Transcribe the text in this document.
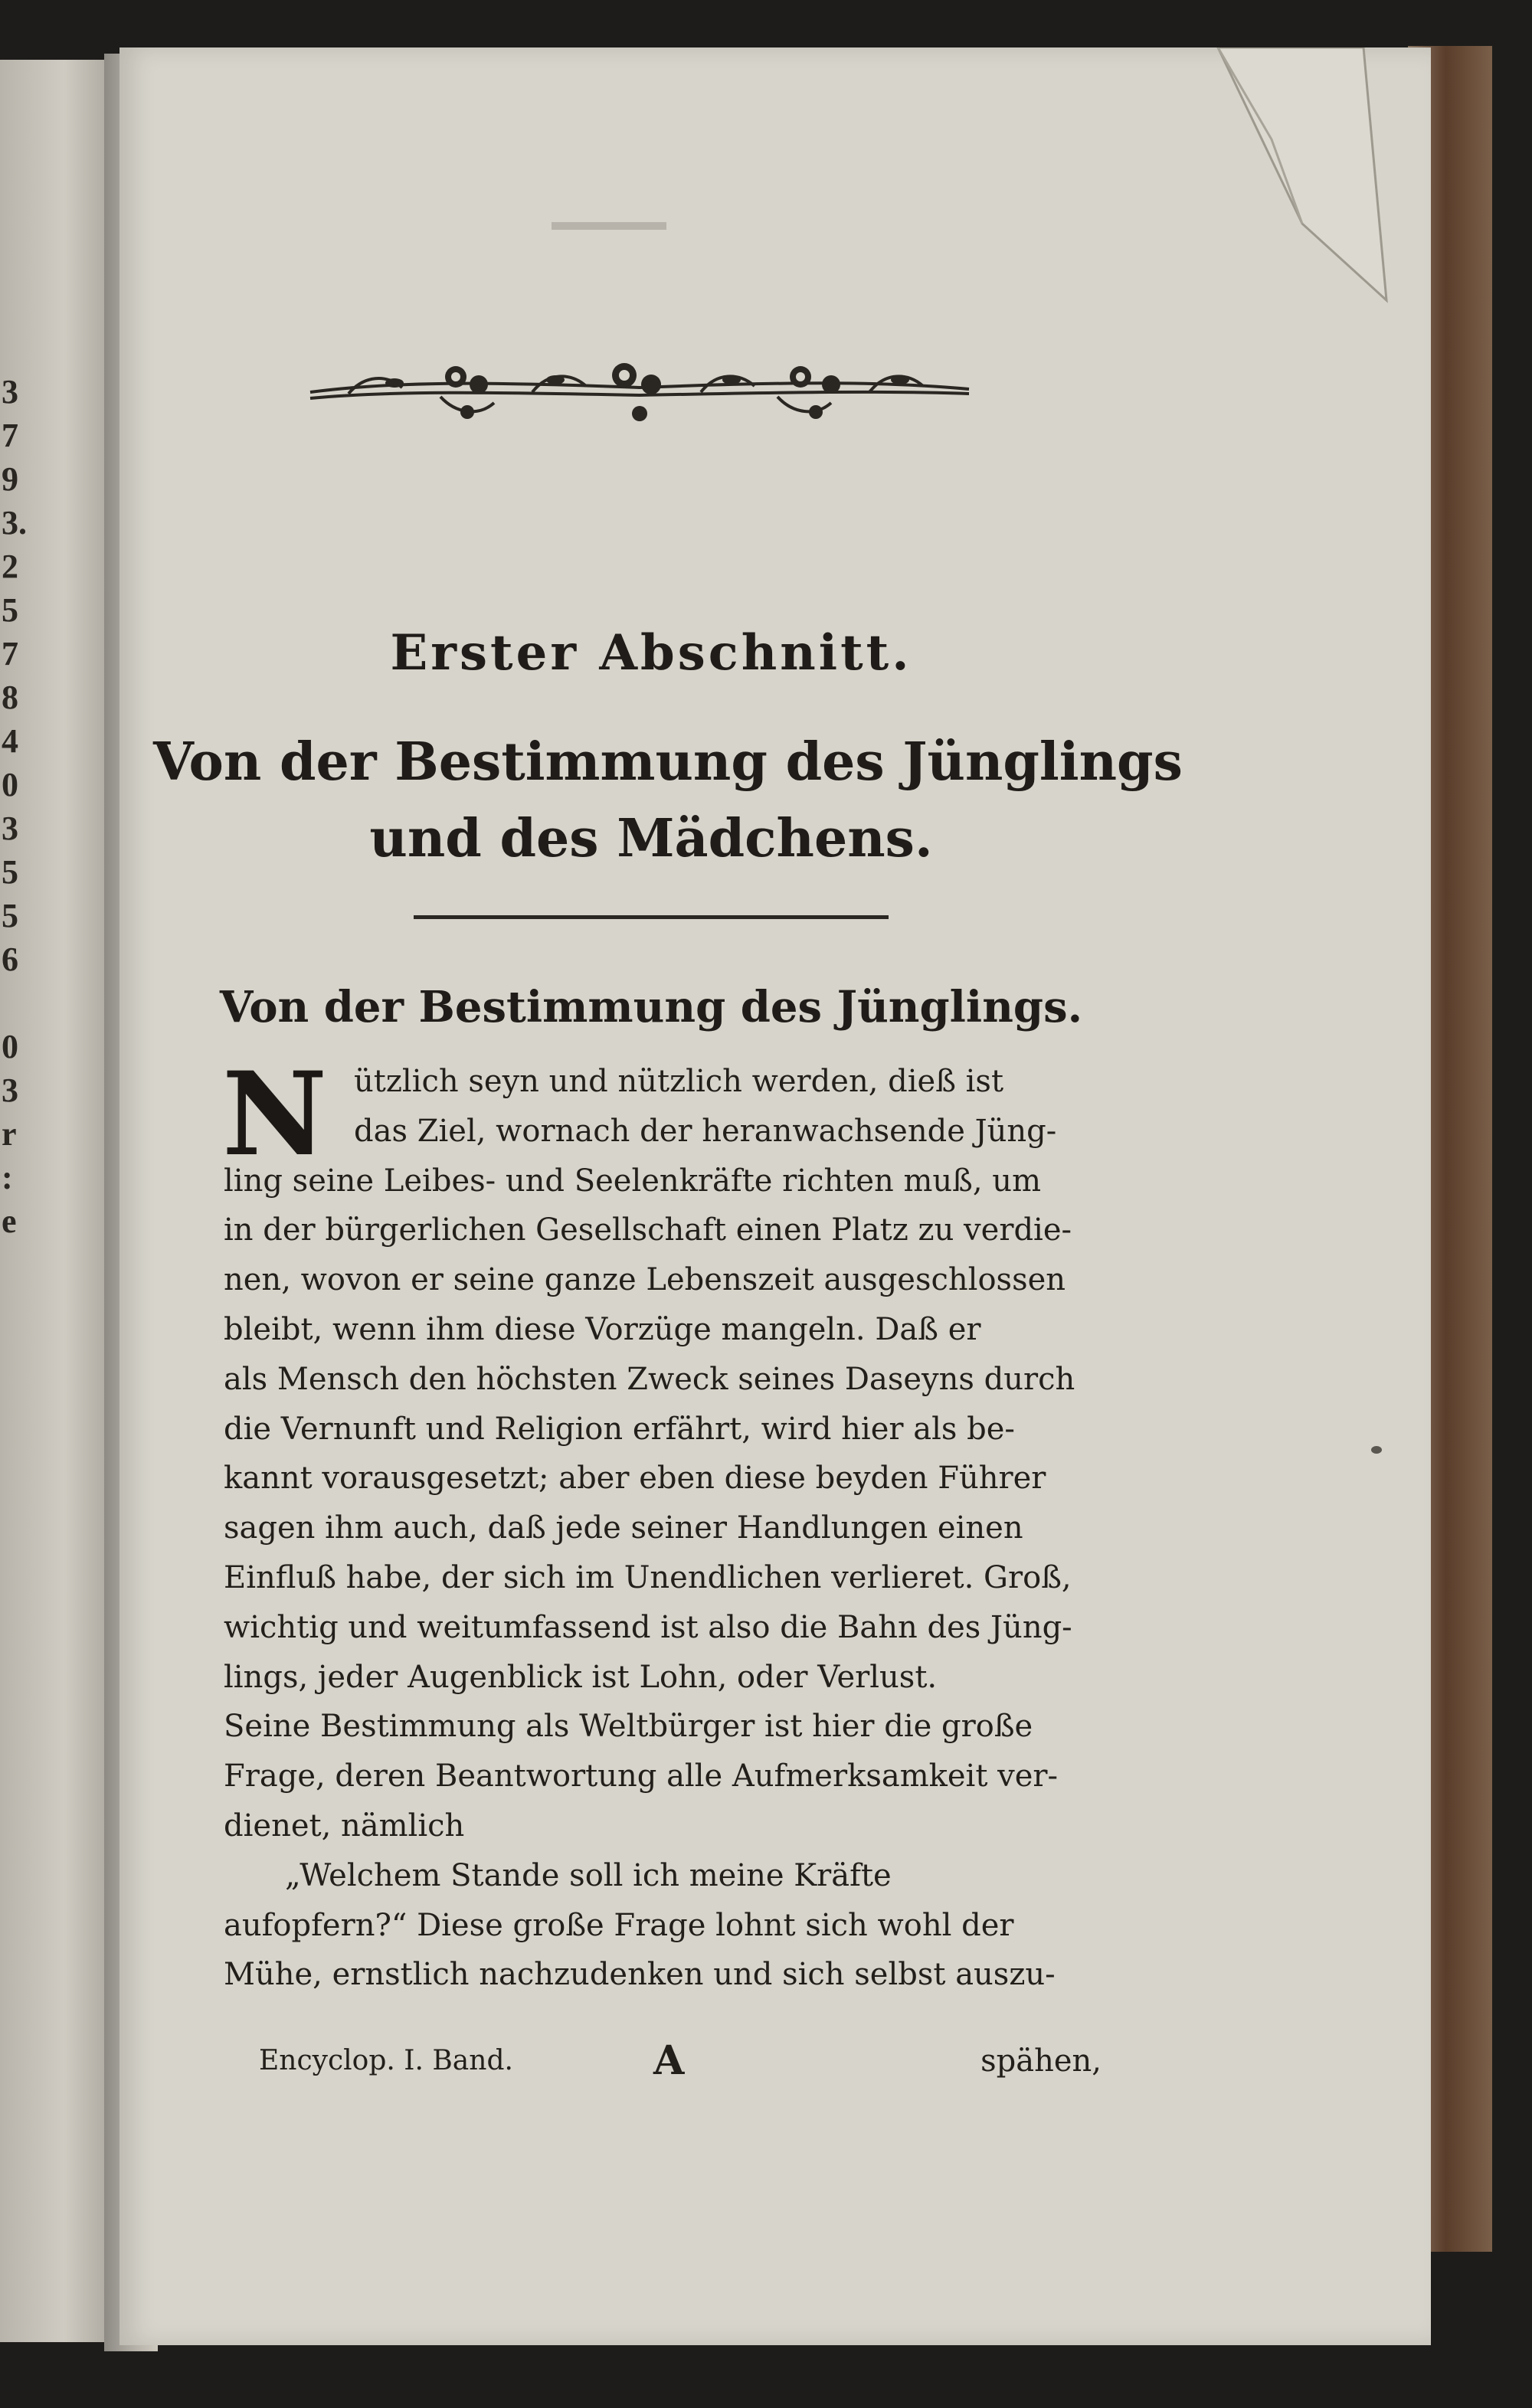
3
7
9
3.
2
5
7
8
4
0
3
5
5
6
0
3
r
:
e
Erster Abschnitt.
Von der Bestimmung des Jünglings
und des Mädchens.
Von der Bestimmung des Jünglings.
N ützlich seyn und nützlich werden, dieß ist
das Ziel, wornach der heranwachsende Jüng-
ling seine Leibes- und Seelenkräfte richten muß, um
in der bürgerlichen Gesellschaft einen Platz zu verdie-
nen, wovon er seine ganze Lebenszeit ausgeschlossen
bleibt, wenn ihm diese Vorzüge mangeln. Daß er
als Mensch den höchsten Zweck seines Daseyns durch
die Vernunft und Religion erfährt, wird hier als be-
kannt vorausgesetzt; aber eben diese beyden Führer
sagen ihm auch, daß jede seiner Handlungen einen
Einfluß habe, der sich im Unendlichen verlieret. Groß,
wichtig und weitumfassend ist also die Bahn des Jüng-
lings, jeder Augenblick ist Lohn, oder Verlust.
Seine Bestimmung als Weltbürger ist hier die große
Frage, deren Beantwortung alle Aufmerksamkeit ver-
dienet, nämlich
„Welchem Stande soll ich meine Kräfte
aufopfern?“ Diese große Frage lohnt sich wohl der
Mühe, ernstlich nachzudenken und sich selbst auszu-
Encyclop. I. Band.	A	spähen,
